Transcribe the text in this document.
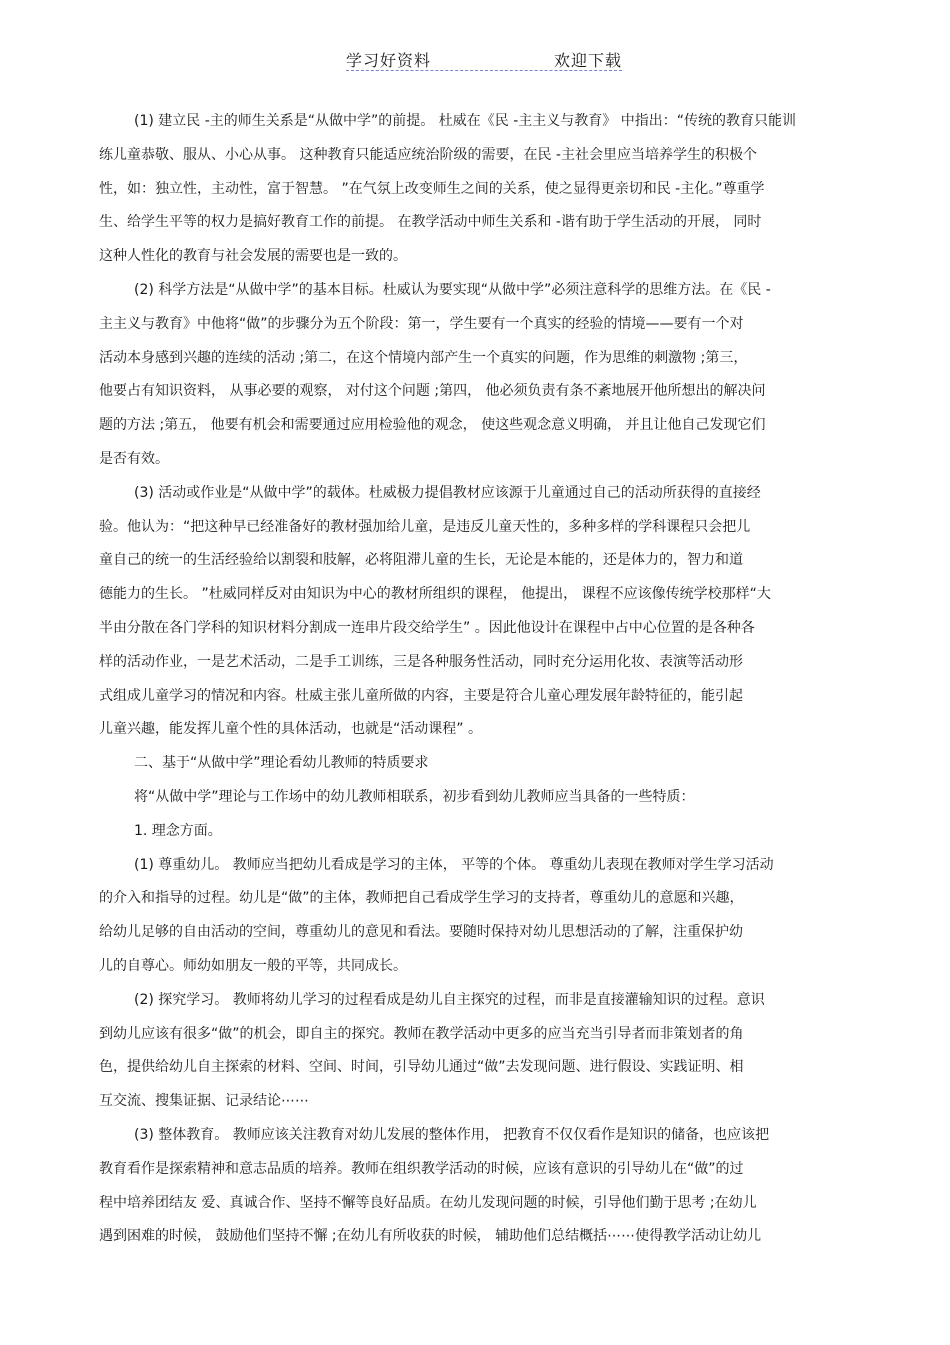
学习好资料	欢迎下载
(1) 建立民 -主的师生关系是“从做中学”的前提。 杜威在《民 -主主义与教育》 中指出：“传统的教育只能训
练儿童恭敬、服从、小心从事。 这种教育只能适应统治阶级的需要，在民 -主社会里应当培养学生的积极个
性，如：独立性，主动性，富于智慧。 ”在气氛上改变师生之间的关系，使之显得更亲切和民 -主化。”尊重学
生、给学生平等的权力是搞好教育工作的前提。 在教学活动中师生关系和 -谐有助于学生活动的开展， 同时
这种人性化的教育与社会发展的需要也是一致的。
(2) 科学方法是“从做中学”的基本目标。杜威认为要实现“从做中学”必须注意科学的思维方法。在《民 -
主主义与教育》中他将“做”的步骤分为五个阶段：第一，学生要有一个真实的经验的情境——要有一个对
活动本身感到兴趣的连续的活动 ;第二，在这个情境内部产生一个真实的问题，作为思维的刺激物 ;第三，
他要占有知识资料， 从事必要的观察， 对付这个问题 ;第四， 他必须负责有条不紊地展开他所想出的解决问
题的方法 ;第五， 他要有机会和需要通过应用检验他的观念， 使这些观念意义明确， 并且让他自己发现它们
是否有效。
(3) 活动或作业是“从做中学”的载体。杜威极力提倡教材应该源于儿童通过自己的活动所获得的直接经
验。他认为：“把这种早已经准备好的教材强加给儿童，是违反儿童天性的，多种多样的学科课程只会把儿
童自己的统一的生活经验给以割裂和肢解，必将阻滞儿童的生长，无论是本能的，还是体力的，智力和道
德能力的生长。 ”杜威同样反对由知识为中心的教材所组织的课程， 他提出， 课程不应该像传统学校那样“大
半由分散在各门学科的知识材料分割成一连串片段交给学生” 。因此他设计在课程中占中心位置的是各种各
样的活动作业，一是艺术活动，二是手工训练，三是各种服务性活动，同时充分运用化妆、表演等活动形
式组成儿童学习的情况和内容。杜威主张儿童所做的内容，主要是符合儿童心理发展年龄特征的，能引起
儿童兴趣，能发挥儿童个性的具体活动，也就是“活动课程” 。
二、基于“从做中学”理论看幼儿教师的特质要求
将“从做中学”理论与工作场中的幼儿教师相联系，初步看到幼儿教师应当具备的一些特质：
1. 理念方面。
(1) 尊重幼儿。 教师应当把幼儿看成是学习的主体， 平等的个体。 尊重幼儿表现在教师对学生学习活动
的介入和指导的过程。幼儿是“做”的主体，教师把自己看成学生学习的支持者，尊重幼儿的意愿和兴趣，
给幼儿足够的自由活动的空间，尊重幼儿的意见和看法。要随时保持对幼儿思想活动的了解，注重保护幼
儿的自尊心。师幼如朋友一般的平等，共同成长。
(2) 探究学习。 教师将幼儿学习的过程看成是幼儿自主探究的过程，而非是直接灌输知识的过程。意识
到幼儿应该有很多“做”的机会，即自主的探究。教师在教学活动中更多的应当充当引导者而非策划者的角
色，提供给幼儿自主探索的材料、空间、时间，引导幼儿通过“做”去发现问题、进行假设、实践证明、相
互交流、搜集证据、记录结论⋯⋯
(3) 整体教育。 教师应该关注教育对幼儿发展的整体作用， 把教育不仅仅看作是知识的储备，也应该把
教育看作是探索精神和意志品质的培养。教师在组织教学活动的时候，应该有意识的引导幼儿在“做”的过
程中培养团结友 爱、真诚合作、坚持不懈等良好品质。在幼儿发现问题的时候，引导他们勤于思考 ;在幼儿
遇到困难的时候， 鼓励他们坚持不懈 ;在幼儿有所收获的时候， 辅助他们总结概括⋯⋯使得教学活动让幼儿
